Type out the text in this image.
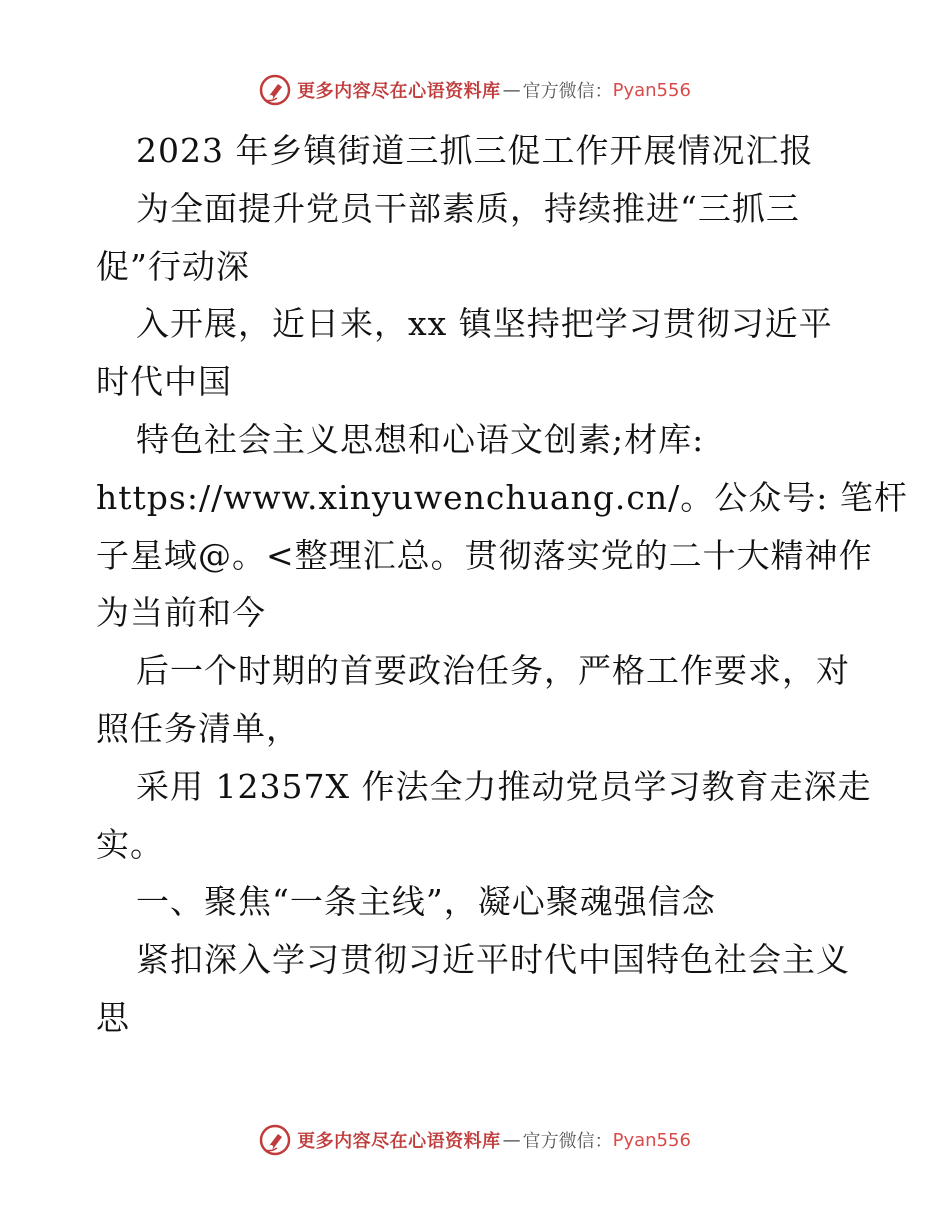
更多内容尽在心语资料库 — 官方微信： Pyan556
2023 年乡镇街道三抓三促工作开展情况汇报
为全面提升党员干部素质，持续推进“三抓三
促”行动深
入开展，近日来，xx 镇坚持把学习贯彻习近平
时代中国
特色社会主义思想和心语文创素;材库:
https://www.xinyuwenchuang.cn/。公众号: 笔杆
子星域@。<整理汇总。贯彻落实党的二十大精神作
为当前和今
后一个时期的首要政治任务，严格工作要求，对
照任务清单，
采用 12357X 作法全力推动党员学习教育走深走
实。
一、聚焦“一条主线”，凝心聚魂强信念
紧扣深入学习贯彻习近平时代中国特色社会主义
思
更多内容尽在心语资料库 — 官方微信： Pyan556
